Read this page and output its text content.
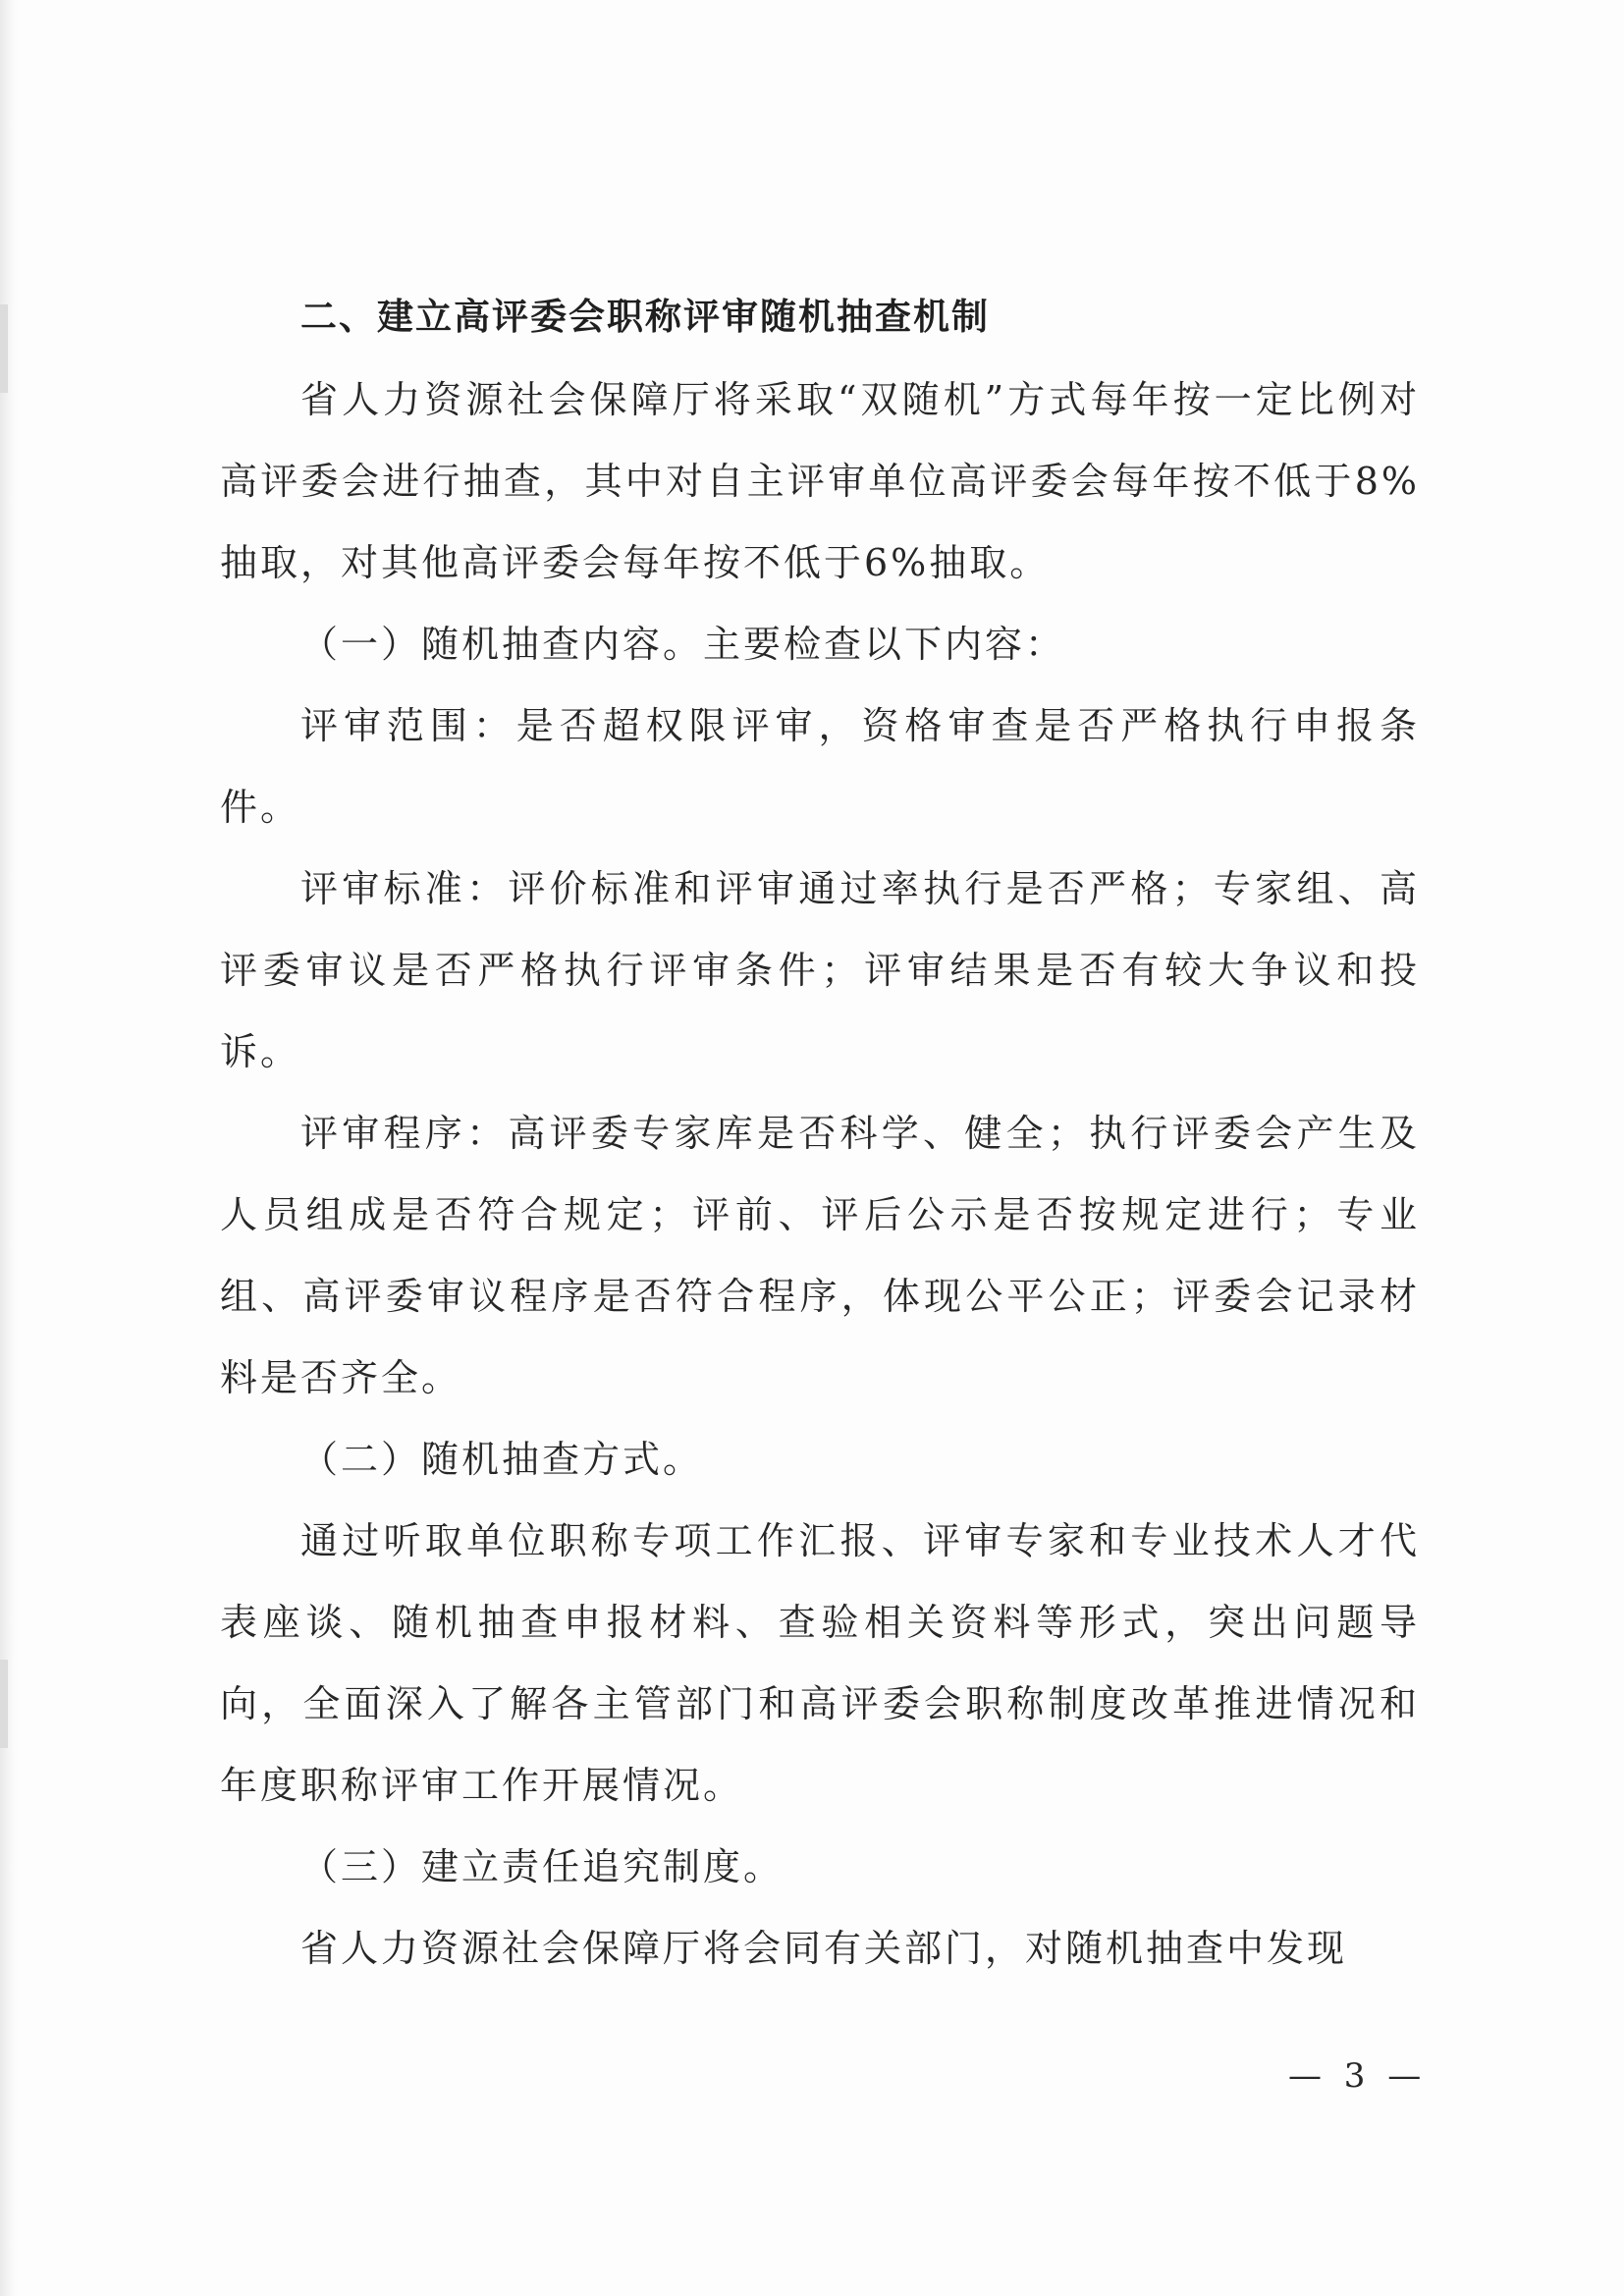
二、建立高评委会职称评审随机抽查机制

省人力资源社会保障厅将采取“双随机”方式每年按一定比例对高评委会进行抽查，其中对自主评审单位高评委会每年按不低于8%抽取，对其他高评委会每年按不低于6%抽取。

（一）随机抽查内容。主要检查以下内容：

评审范围：是否超权限评审，资格审查是否严格执行申报条件。

评审标准：评价标准和评审通过率执行是否严格；专家组、高评委审议是否严格执行评审条件；评审结果是否有较大争议和投诉。

评审程序：高评委专家库是否科学、健全；执行评委会产生及人员组成是否符合规定；评前、评后公示是否按规定进行；专业组、高评委审议程序是否符合程序，体现公平公正；评委会记录材料是否齐全。

（二）随机抽查方式。

通过听取单位职称专项工作汇报、评审专家和专业技术人才代表座谈、随机抽查申报材料、查验相关资料等形式，突出问题导向，全面深入了解各主管部门和高评委会职称制度改革推进情况和年度职称评审工作开展情况。

（三）建立责任追究制度。

省人力资源社会保障厅将会同有关部门，对随机抽查中发现

— 3 —
